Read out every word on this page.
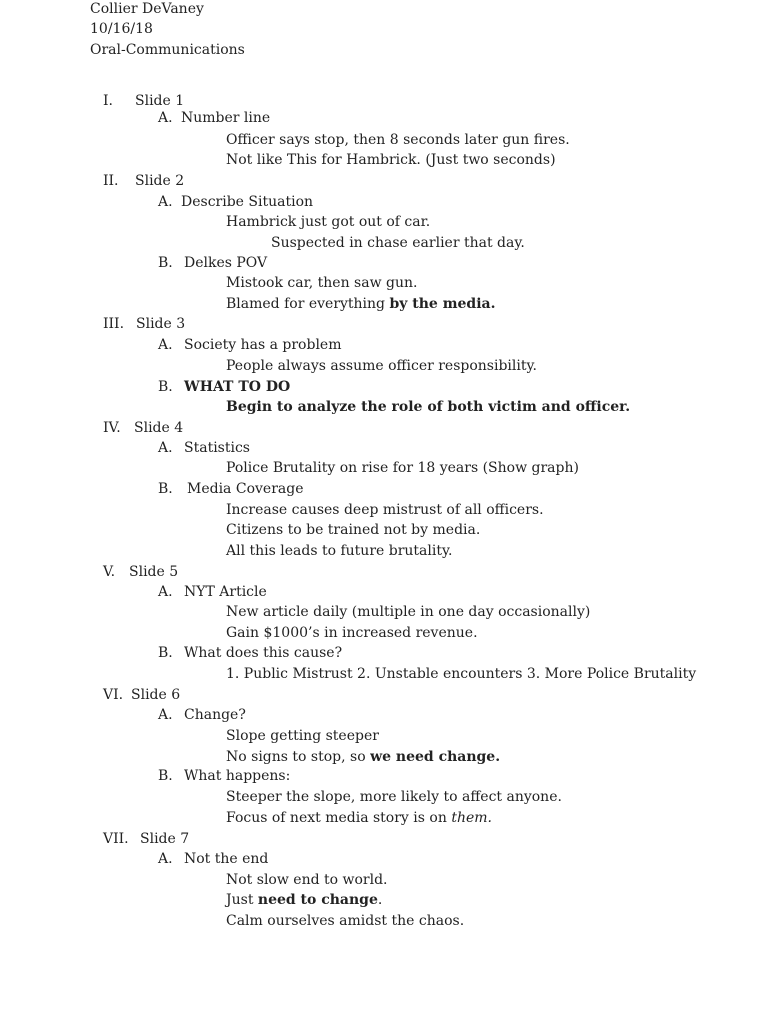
Collier DeVaney
10/16/18
Oral-Communications
I. Slide 1
A. Number line
Officer says stop, then 8 seconds later gun fires.
Not like This for Hambrick. (Just two seconds)
II. Slide 2
A. Describe Situation
Hambrick just got out of car.
Suspected in chase earlier that day.
B. Delkes POV
Mistook car, then saw gun.
Blamed for everything by the media.
III. Slide 3
A. Society has a problem
People always assume officer responsibility.
B. WHAT TO DO
Begin to analyze the role of both victim and officer.
IV. Slide 4
A. Statistics
Police Brutality on rise for 18 years (Show graph)
B. Media Coverage
Increase causes deep mistrust of all officers.
Citizens to be trained not by media.
All this leads to future brutality.
V. Slide 5
A. NYT Article
New article daily (multiple in one day occasionally)
Gain $1000’s in increased revenue.
B. What does this cause?
1. Public Mistrust 2. Unstable encounters 3. More Police Brutality
VI. Slide 6
A. Change?
Slope getting steeper
No signs to stop, so we need change.
B. What happens:
Steeper the slope, more likely to affect anyone.
Focus of next media story is on them.
VII. Slide 7
A. Not the end
Not slow end to world.
Just need to change.
Calm ourselves amidst the chaos.
